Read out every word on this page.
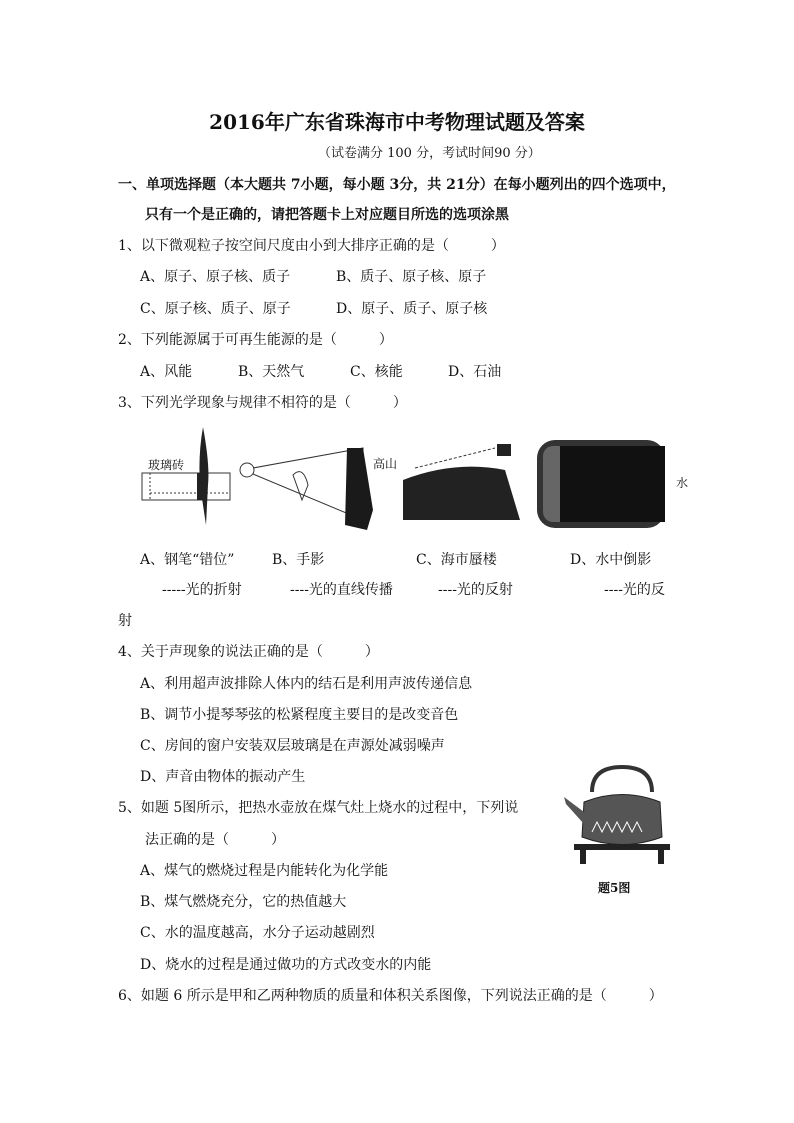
2016年广东省珠海市中考物理试题及答案
（试卷满分 100 分，考试时间90 分）
一、单项选择题（本大题共 7小题，每小题 3分，共 21分）在每小题列出的四个选项中，
只有一个是正确的，请把答题卡上对应题目所选的选项涂黑
1、以下微观粒子按空间尺度由小到大排序正确的是（　　　）
A、原子、原子核、质子	B、质子、原子核、原子
C、原子核、质子、原子	D、原子、质子、原子核
2、下列能源属于可再生能源的是（　　　）
A、风能	B、天然气	C、核能	D、石油
3、下列光学现象与规律不相符的是（　　　）
玻璃砖	高山
水
A、钢笔“错位”	B、手影	C、海市蜃楼	D、水中倒影
-----光的折射	----光的直线传播	----光的反射	----光的反
射
4、关于声现象的说法正确的是（　　　）
A、利用超声波排除人体内的结石是利用声波传递信息
B、调节小提琴琴弦的松紧程度主要目的是改变音色
C、房间的窗户安装双层玻璃是在声源处减弱噪声
D、声音由物体的振动产生
5、如题 5图所示，把热水壶放在煤气灶上烧水的过程中，下列说
法正确的是（　　　）
A、煤气的燃烧过程是内能转化为化学能
B、煤气燃烧充分，它的热值越大
C、水的温度越高，水分子运动越剧烈
D、烧水的过程是通过做功的方式改变水的内能
题5图
6、如题 6 所示是甲和乙两种物质的质量和体积关系图像，下列说法正确的是（　　　）
